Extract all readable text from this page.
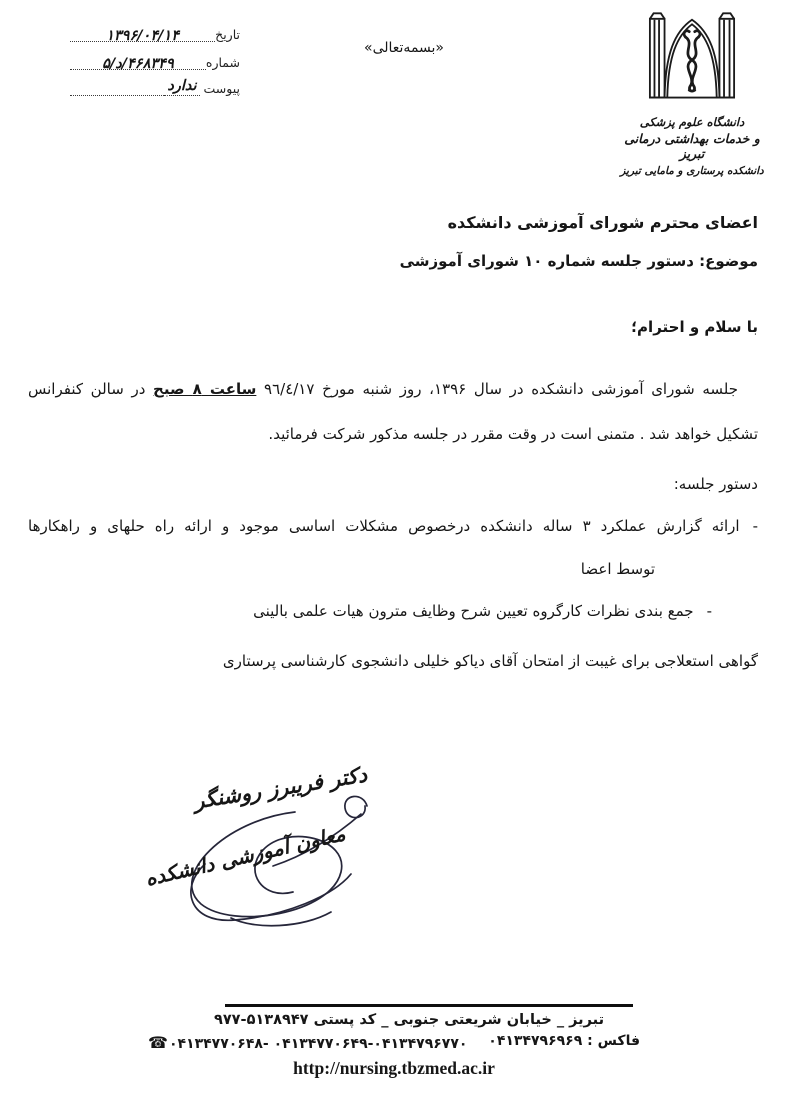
تاریخ
۱۳۹۶/۰۴/۱۴
شماره
۴۶۸۳۴۹/د/۵
پیوست
ندارد
«بسمه‌تعالی»
دانشگاه علوم پزشکی
و خدمات بهداشتی درمانی تبریز
دانشکده پرستاری و مامایی تبریز
اعضای محترم شورای آموزشی دانشکده
موضوع: دستور جلسه شماره ۱۰ شورای آموزشی
با سلام و احترام؛
جلسه شورای آموزشی دانشکده در سال ۱۳۹۶، روز شنبه مورخ ٩٦/٤/١٧ ساعت ۸ صبح در سالن کنفرانس
تشکیل خواهد شد . متمنی است در وقت مقرر در جلسه مذکور شرکت فرمائید.
دستور جلسه:
-
ارائه گزارش عملکرد ۳ ساله دانشکده درخصوص مشکلات اساسی موجود و ارائه راه حلهای و راهکارها
توسط اعضا
-
جمع بندی نظرات کارگروه تعیین شرح وظایف مترون هیات علمی بالینی
گواهی استعلاجی برای غیبت از امتحان آقای دیاکو خلیلی دانشجوی کارشناسی پرستاری
دکتر فریبرز روشنگر
معاون آموزشی دانشکده
تبریز _ خیابان شریعتی جنوبی _ کد پستی ۵۱۳۸۹۴۷-۹۷۷
☎۰۴۱۳۴۷۷۰۶۴۸- ۰۴۱۳۴۷۷۰۶۴۹-۰۴۱۳۴۷۹۶۷۷۰	فاکس : ۰۴۱۳۴۷۹۶۹۶۹
http://nursing.tbzmed.ac.ir
